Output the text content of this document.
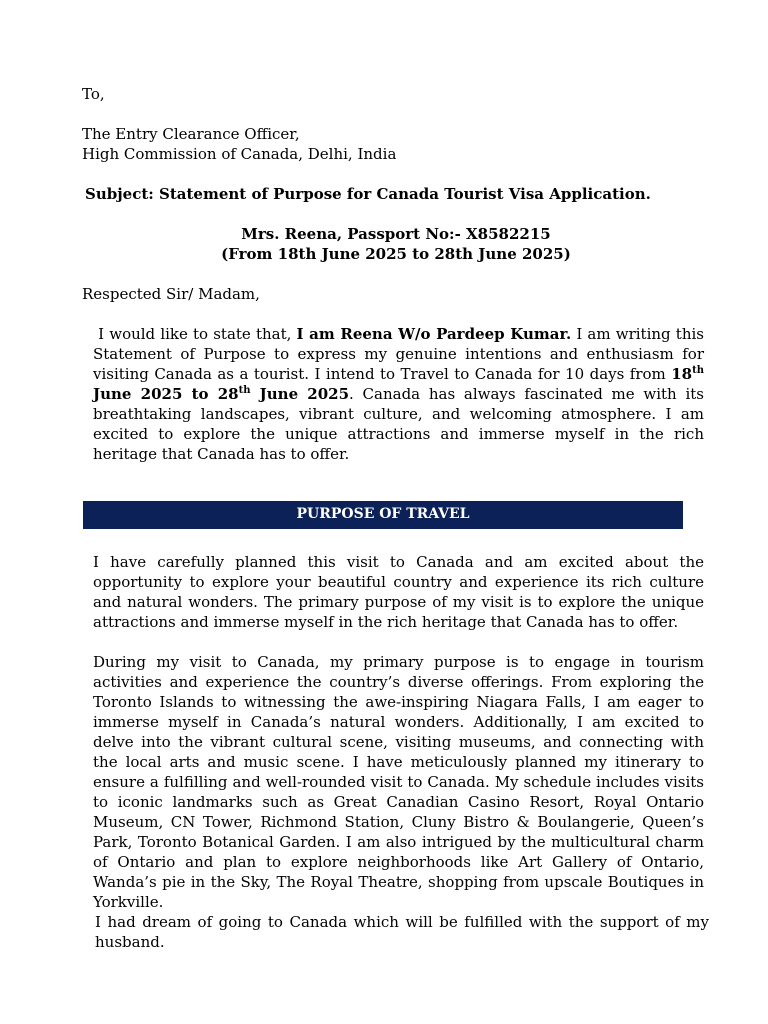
To,
The Entry Clearance Officer,
High Commission of Canada, Delhi, India
Subject: Statement of Purpose for Canada Tourist Visa Application.
Mrs. Reena, Passport No:- X8582215
(From 18th June 2025 to 28th June 2025)
Respected Sir/ Madam,

I would like to state that, I am Reena W/o Pardeep Kumar. I am writing this Statement of Purpose to express my genuine intentions and enthusiasm for visiting Canada as a tourist. I intend to Travel to Canada for 10 days from 18th June 2025 to 28th June 2025. Canada has always fascinated me with its breathtaking landscapes, vibrant culture, and welcoming atmosphere. I am excited to explore the unique attractions and immerse myself in the rich heritage that Canada has to offer.

PURPOSE OF TRAVEL

I have carefully planned this visit to Canada and am excited about the opportunity to explore your beautiful country and experience its rich culture and natural wonders. The primary purpose of my visit is to explore the unique attractions and immerse myself in the rich heritage that Canada has to offer.

During my visit to Canada, my primary purpose is to engage in tourism activities and experience the country’s diverse offerings. From exploring the Toronto Islands to witnessing the awe-inspiring Niagara Falls, I am eager to immerse myself in Canada’s natural wonders. Additionally, I am excited to delve into the vibrant cultural scene, visiting museums, and connecting with the local arts and music scene. I have meticulously planned my itinerary to ensure a fulfilling and well-rounded visit to Canada. My schedule includes visits to iconic landmarks such as Great Canadian Casino Resort, Royal Ontario Museum, CN Tower, Richmond Station, Cluny Bistro & Boulangerie, Queen’s Park, Toronto Botanical Garden. I am also intrigued by the multicultural charm of Ontario and plan to explore neighborhoods like Art Gallery of Ontario, Wanda’s pie in the Sky, The Royal Theatre, shopping from upscale Boutiques in Yorkville.

I had dream of going to Canada which will be fulfilled with the support of my husband.
